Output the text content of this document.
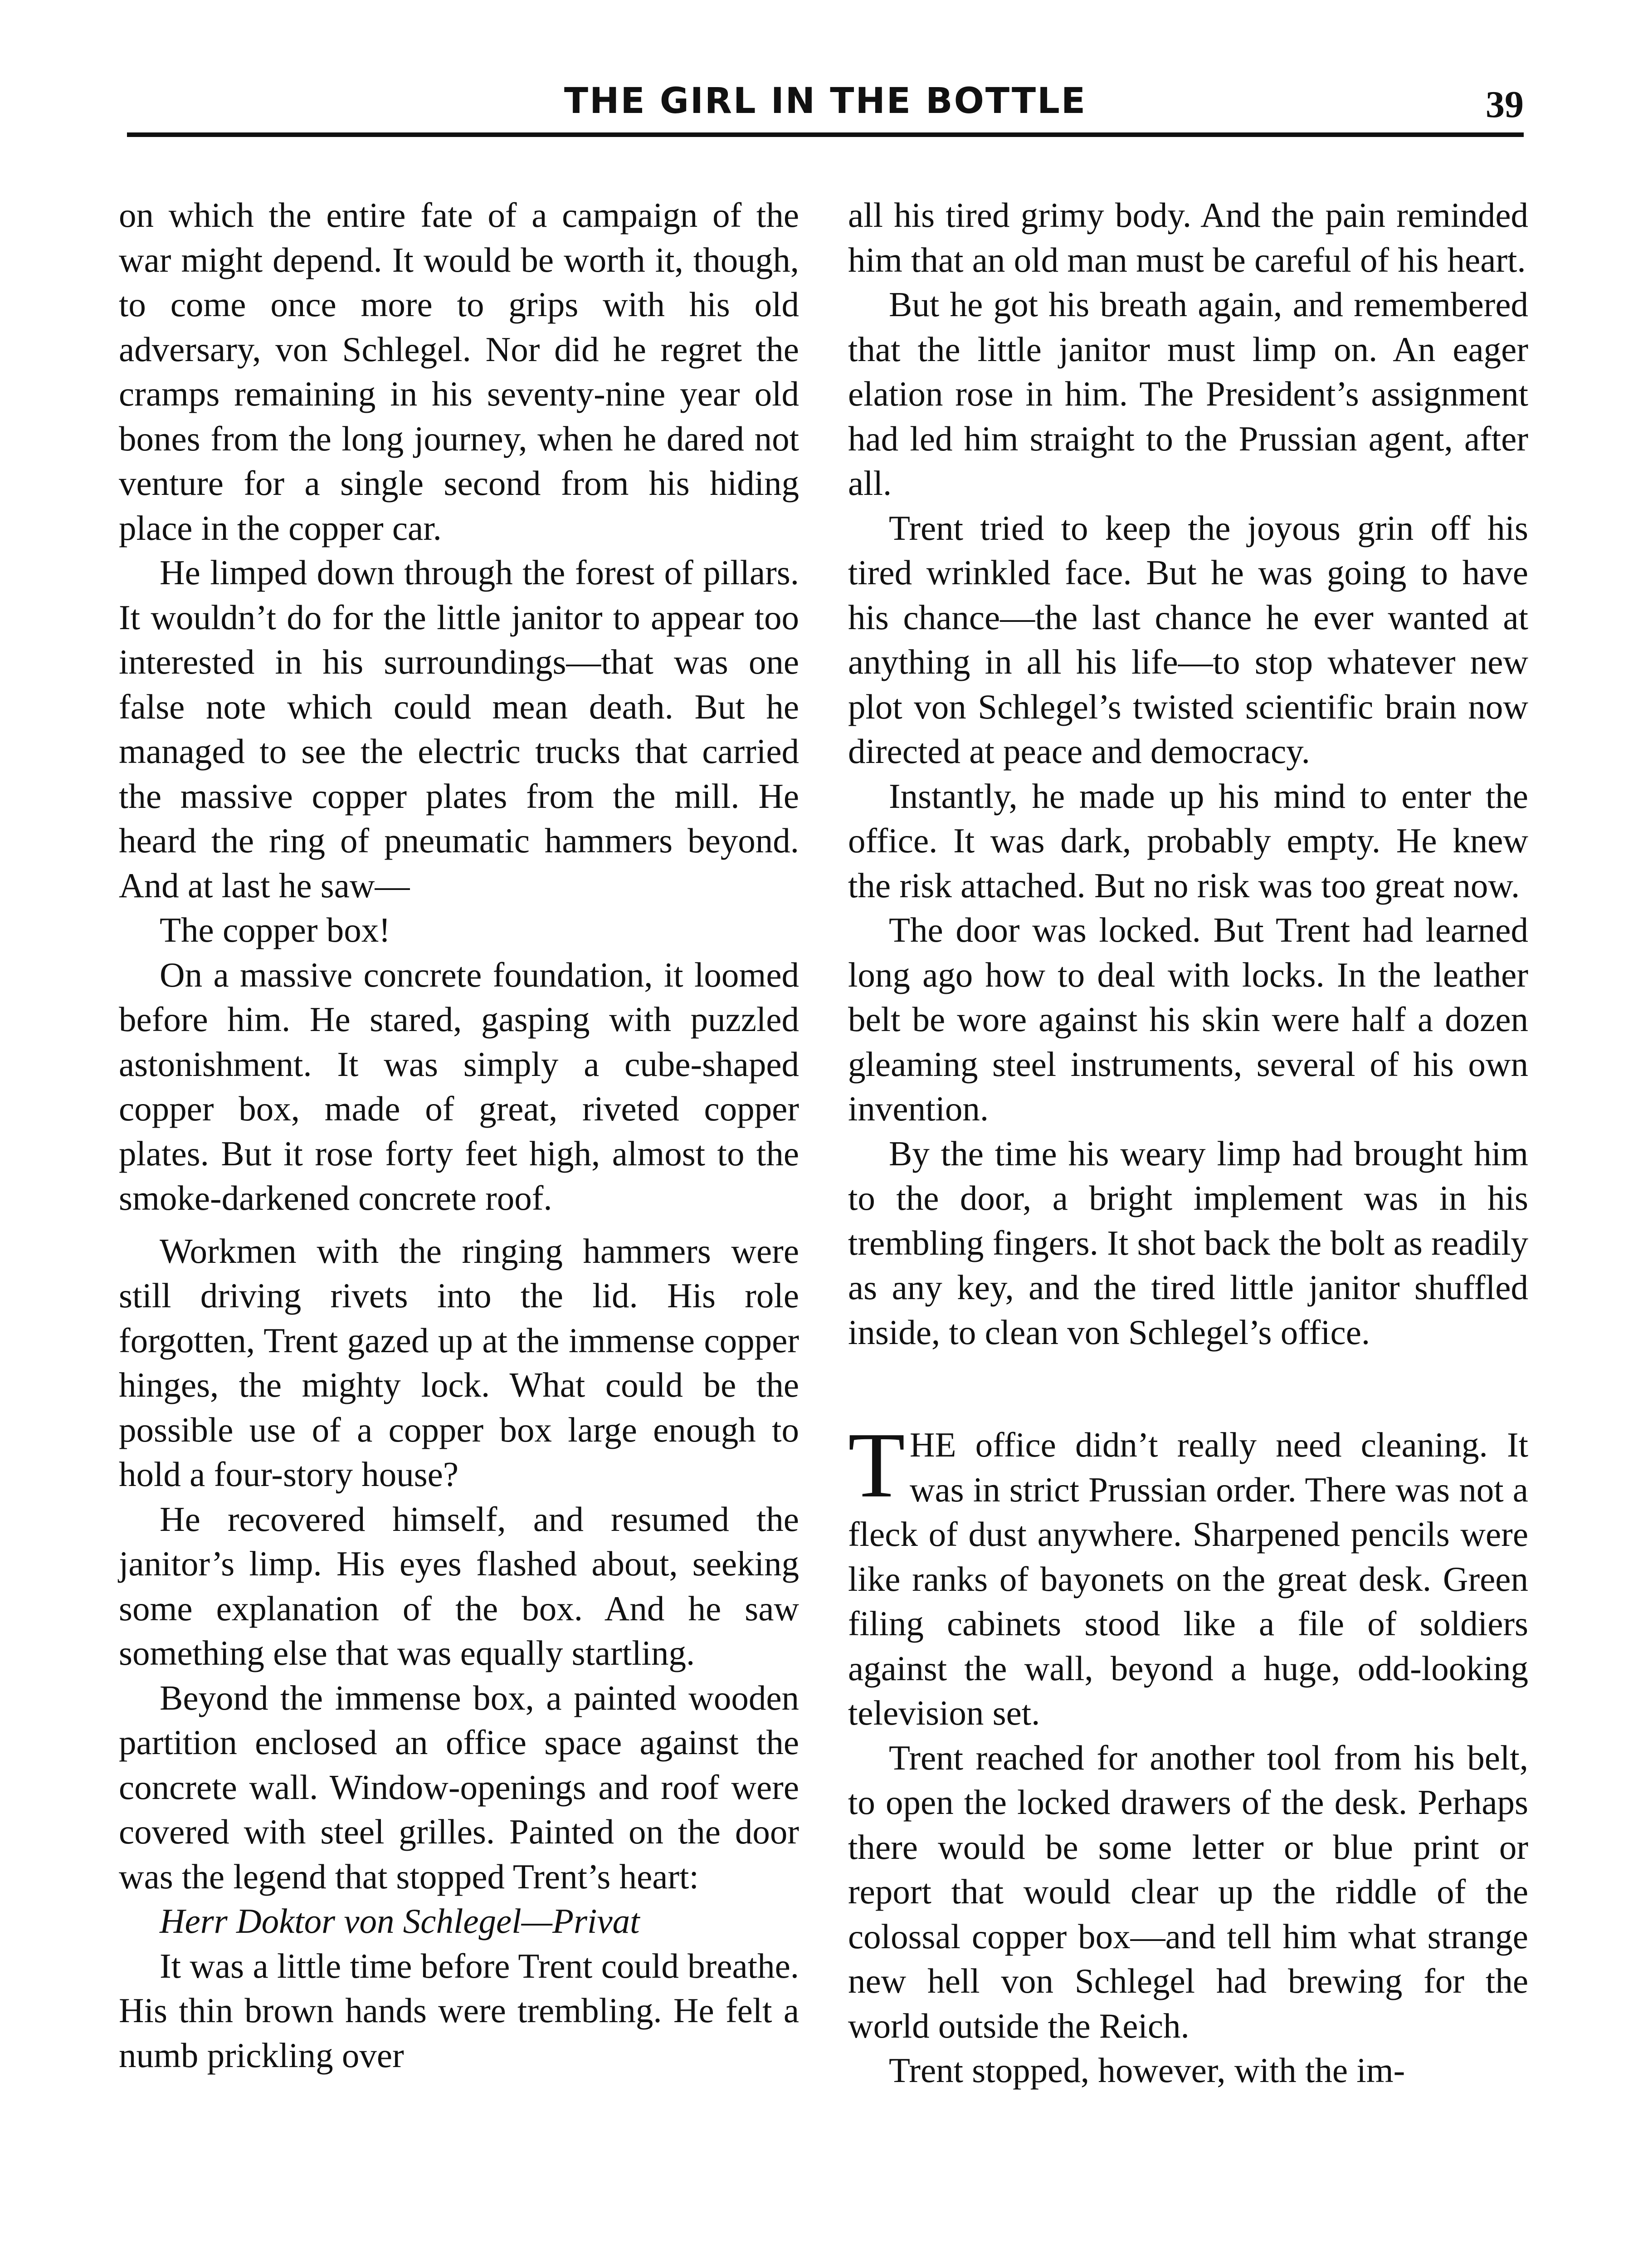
THE GIRL IN THE BOTTLE	39

on which the entire fate of a campaign of the war might depend. It would be worth it, though, to come once more to grips with his old adversary, von Schlegel. Nor did he regret the cramps remaining in his seventy-nine year old bones from the long journey, when he dared not venture for a single second from his hiding place in the copper car.

He limped down through the forest of pillars. It wouldn’t do for the little janitor to appear too interested in his surroundings—that was one false note which could mean death. But he managed to see the electric trucks that carried the massive copper plates from the mill. He heard the ring of pneumatic hammers beyond. And at last he saw—

The copper box!

On a massive concrete foundation, it loomed before him. He stared, gasping with puzzled astonishment. It was simply a cube-shaped copper box, made of great, riveted copper plates. But it rose forty feet high, almost to the smoke-darkened concrete roof.

Workmen with the ringing hammers were still driving rivets into the lid. His role forgotten, Trent gazed up at the immense copper hinges, the mighty lock. What could be the possible use of a copper box large enough to hold a four-story house?

He recovered himself, and resumed the janitor’s limp. His eyes flashed about, seeking some explanation of the box. And he saw something else that was equally startling.

Beyond the immense box, a painted wooden partition enclosed an office space against the concrete wall. Window-openings and roof were covered with steel grilles. Painted on the door was the legend that stopped Trent’s heart:

Herr Doktor von Schlegel—Privat

It was a little time before Trent could breathe. His thin brown hands were trembling. He felt a numb prickling over

all his tired grimy body. And the pain reminded him that an old man must be careful of his heart.

But he got his breath again, and remembered that the little janitor must limp on. An eager elation rose in him. The President’s assignment had led him straight to the Prussian agent, after all.

Trent tried to keep the joyous grin off his tired wrinkled face. But he was going to have his chance—the last chance he ever wanted at anything in all his life—to stop whatever new plot von Schlegel’s twisted scientific brain now directed at peace and democracy.

Instantly, he made up his mind to enter the office. It was dark, probably empty. He knew the risk attached. But no risk was too great now.

The door was locked. But Trent had learned long ago how to deal with locks. In the leather belt be wore against his skin were half a dozen gleaming steel instruments, several of his own invention.

By the time his weary limp had brought him to the door, a bright implement was in his trembling fingers. It shot back the bolt as readily as any key, and the tired little janitor shuffled inside, to clean von Schlegel’s office.

THE office didn’t really need cleaning. It was in strict Prussian order. There was not a fleck of dust anywhere. Sharpened pencils were like ranks of bayonets on the great desk. Green filing cabinets stood like a file of soldiers against the wall, beyond a huge, odd-looking television set.

Trent reached for another tool from his belt, to open the locked drawers of the desk. Perhaps there would be some letter or blue print or report that would clear up the riddle of the colossal copper box—and tell him what strange new hell von Schlegel had brewing for the world outside the Reich.

Trent stopped, however, with the im-
